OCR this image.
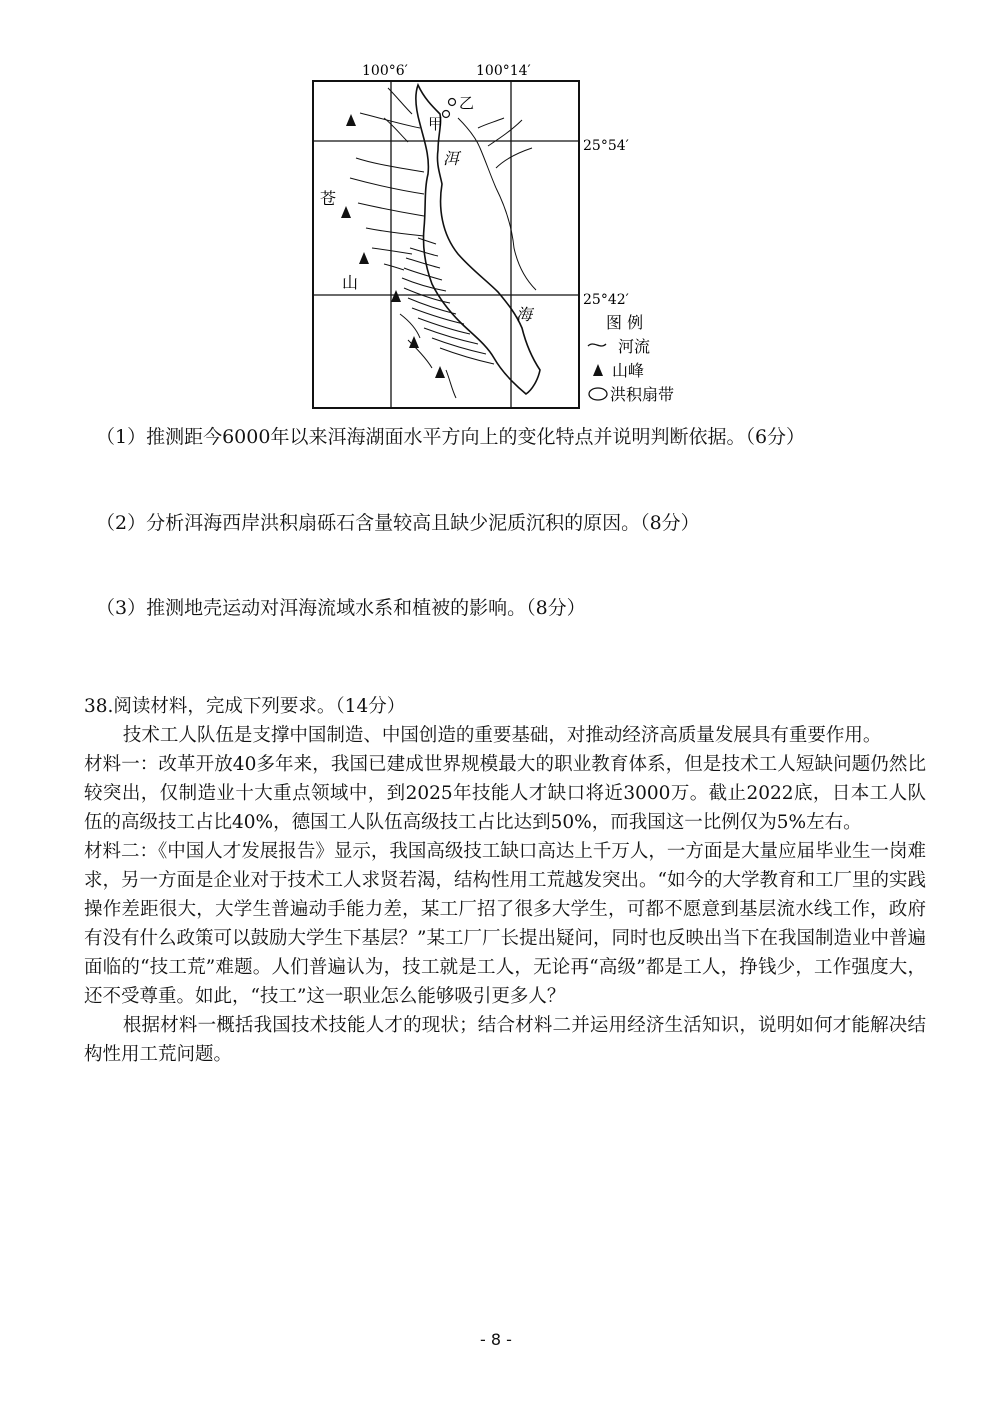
100°6′	100°14′
25°54′
25°42′
乙
甲
洱
海
苍
山
图 例
河流
山峰
洪积扇带

（1）推测距今6000年以来洱海湖面水平方向上的变化特点并说明判断依据。（6分）

（2）分析洱海西岸洪积扇砾石含量较高且缺少泥质沉积的原因。（8分）

（3）推测地壳运动对洱海流域水系和植被的影响。（8分）

38.阅读材料，完成下列要求。（14分）

技术工人队伍是支撑中国制造、中国创造的重要基础，对推动经济高质量发展具有重要作用。

材料一：改革开放40多年来，我国已建成世界规模最大的职业教育体系，但是技术工人短缺问题仍然比较突出，仅制造业十大重点领域中，到2025年技能人才缺口将近3000万。截止2022底，日本工人队伍的高级技工占比40%，德国工人队伍高级技工占比达到50%，而我国这一比例仅为5%左右。

材料二：《中国人才发展报告》显示，我国高级技工缺口高达上千万人，一方面是大量应届毕业生一岗难求，另一方面是企业对于技术工人求贤若渴，结构性用工荒越发突出。“如今的大学教育和工厂里的实践操作差距很大，大学生普遍动手能力差，某工厂招了很多大学生，可都不愿意到基层流水线工作，政府有没有什么政策可以鼓励大学生下基层？”某工厂厂长提出疑问，同时也反映出当下在我国制造业中普遍面临的“技工荒”难题。人们普遍认为，技工就是工人，无论再“高级”都是工人，挣钱少，工作强度大，还不受尊重。如此，“技工”这一职业怎么能够吸引更多人？

根据材料一概括我国技术技能人才的现状；结合材料二并运用经济生活知识，说明如何才能解决结构性用工荒问题。

- 8 -
